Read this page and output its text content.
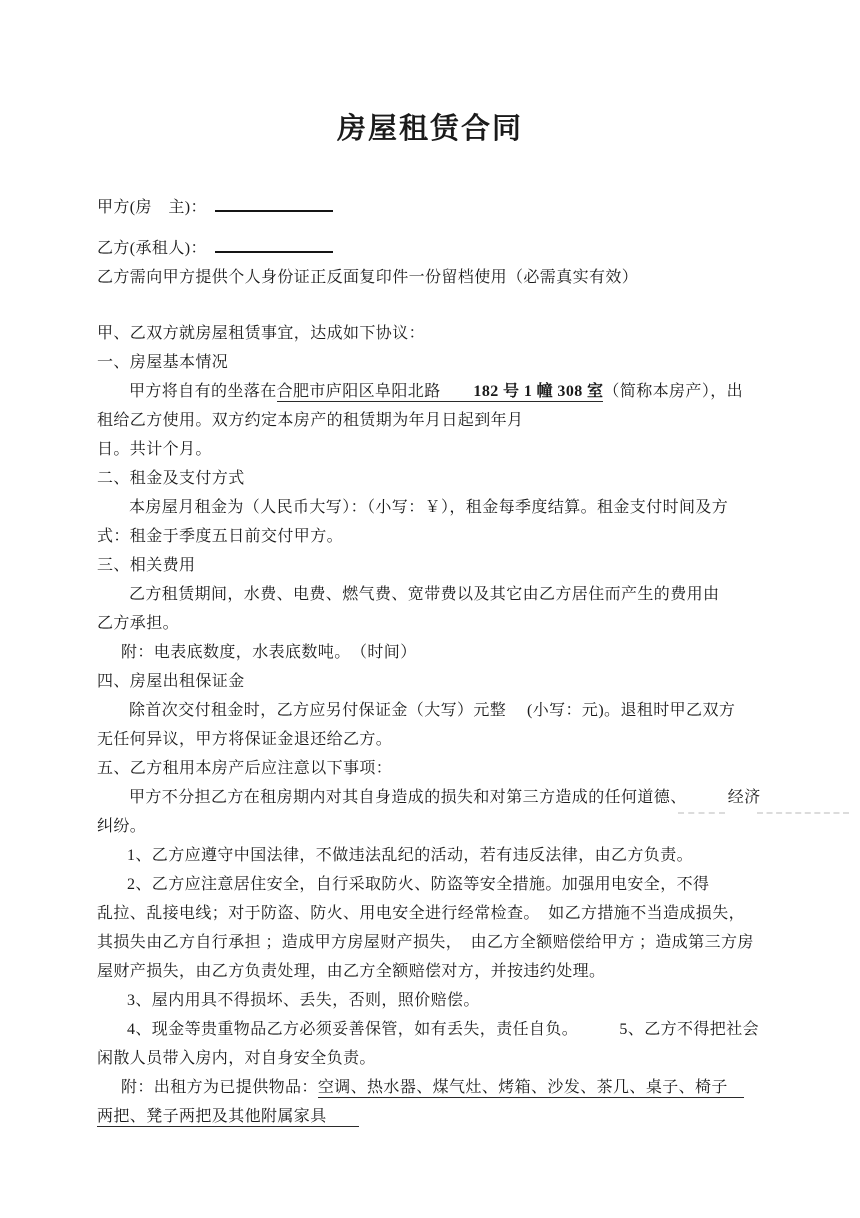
房屋租赁合同
甲方(房　主)：
乙方(承租人)：
乙方需向甲方提供个人身份证正反面复印件一份留档使用（必需真实有效）
甲、乙双方就房屋租赁事宜，达成如下协议：
一、房屋基本情况
甲方将自有的坐落在合肥市庐阳区阜阳北路　　182 号 1 幢 308 室（简称本房产），出
租给乙方使用。双方约定本房产的租赁期为年月日起到年月
日。共计个月。
二、租金及支付方式
本房屋月租金为（人民币大写）：（小写：￥），租金每季度结算。租金支付时间及方
式：租金于季度五日前交付甲方。
三、相关费用
乙方租赁期间，水费、电费、燃气费、宽带费以及其它由乙方居住而产生的费用由
乙方承担。
附：电表底数度，水表底数吨。　（时间）
四、房屋出租保证金
除首次交付租金时，乙方应另付保证金（大写）元整　 (小写：元)。退租时甲乙双方
无任何异议，甲方将保证金退还给乙方。
五、乙方租用本房产后应注意以下事项：
甲方不分担乙方在租房期内对其自身造成的损失和对第三方造成的任何道德、　　　经济
纠纷。
1、乙方应遵守中国法律，不做违法乱纪的活动，若有违反法律，由乙方负责。
2、乙方应注意居住安全，自行采取防火、防盗等安全措施。加强用电安全，不得
乱拉、乱接电线；对于防盗、防火、用电安全进行经常检查。　如乙方措施不当造成损失，
其损失由乙方自行承担 ；造成甲方房屋财产损失，　由乙方全额赔偿给甲方 ；造成第三方房
屋财产损失，由乙方负责处理，由乙方全额赔偿对方，并按违约处理。
3、屋内用具不得损坏、丢失，否则，照价赔偿。
4、现金等贵重物品乙方必须妥善保管，如有丢失，责任自负。　　　5、乙方不得把社会
闲散人员带入房内，对自身安全负责。
附：出租方为已提供物品：空调、热水器、煤气灶、烤箱、沙发、茶几、桌子、椅子　
两把、凳子两把及其他附属家具　　
